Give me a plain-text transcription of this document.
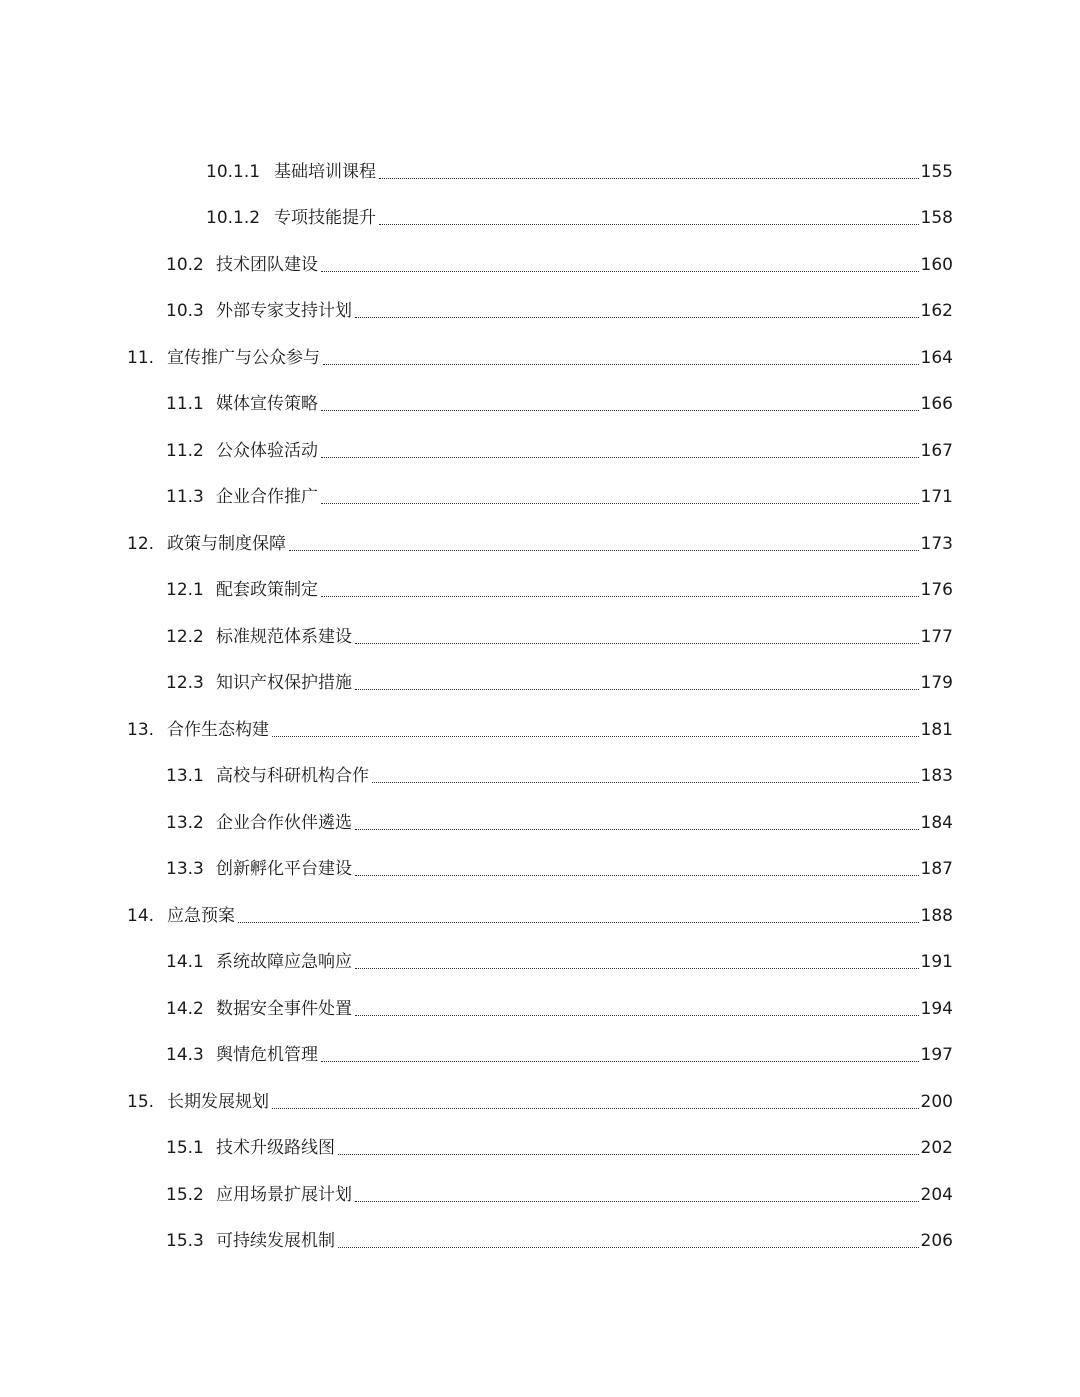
10.1.1 基础培训课程	155
10.1.2 专项技能提升	158
10.2 技术团队建设	160
10.3 外部专家支持计划	162
11. 宣传推广与公众参与	164
11.1 媒体宣传策略	166
11.2 公众体验活动	167
11.3 企业合作推广	171
12. 政策与制度保障	173
12.1 配套政策制定	176
12.2 标准规范体系建设	177
12.3 知识产权保护措施	179
13. 合作生态构建	181
13.1 高校与科研机构合作	183
13.2 企业合作伙伴遴选	184
13.3 创新孵化平台建设	187
14. 应急预案	188
14.1 系统故障应急响应	191
14.2 数据安全事件处置	194
14.3 舆情危机管理	197
15. 长期发展规划	200
15.1 技术升级路线图	202
15.2 应用场景扩展计划	204
15.3 可持续发展机制	206
